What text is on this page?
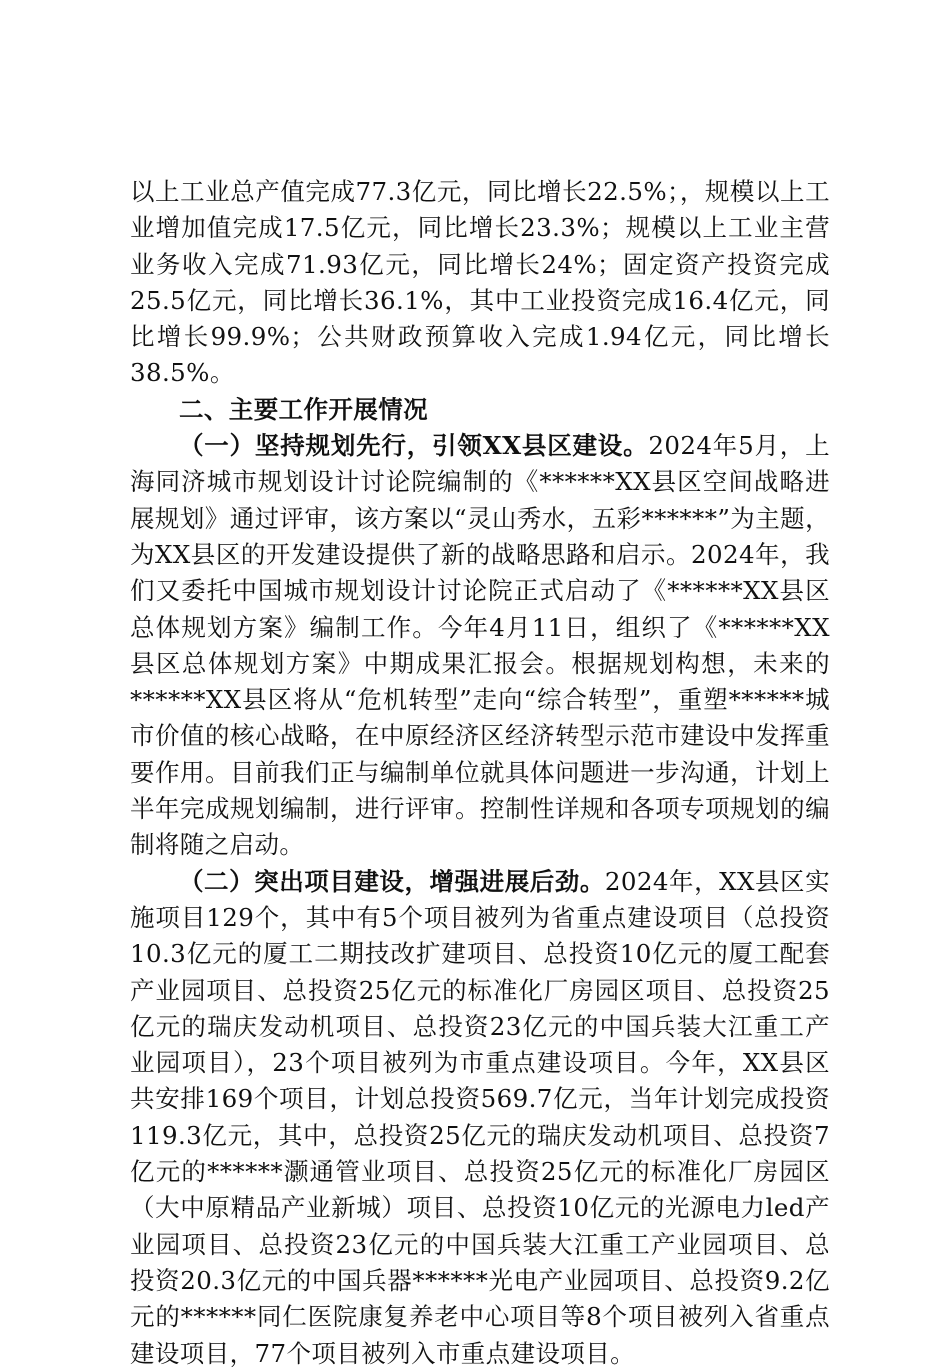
以上工业总产值完成77.3亿元，同比增长22.5%；，规模以上工业增加值完成17.5亿元，同比增长23.3%；规模以上工业主营业务收入完成71.93亿元，同比增长24%；固定资产投资完成25.5亿元，同比增长36.1%，其中工业投资完成16.4亿元，同比增长99.9%；公共财政预算收入完成1.94亿元，同比增长38.5%。

二、主要工作开展情况

（一）坚持规划先行，引领XX县区建设。2024年5月，上海同济城市规划设计讨论院编制的《******XX县区空间战略进展规划》通过评审，该方案以“灵山秀水，五彩******”为主题，为XX县区的开发建设提供了新的战略思路和启示。2024年，我们又委托中国城市规划设计讨论院正式启动了《******XX县区总体规划方案》编制工作。今年4月11日，组织了《******XX县区总体规划方案》中期成果汇报会。根据规划构想，未来的******XX县区将从“危机转型”走向“综合转型”，重塑******城市价值的核心战略，在中原经济区经济转型示范市建设中发挥重要作用。目前我们正与编制单位就具体问题进一步沟通，计划上半年完成规划编制，进行评审。控制性详规和各项专项规划的编制将随之启动。

（二）突出项目建设，增强进展后劲。2024年，XX县区实施项目129个，其中有5个项目被列为省重点建设项目（总投资10.3亿元的厦工二期技改扩建项目、总投资10亿元的厦工配套产业园项目、总投资25亿元的标准化厂房园区项目、总投资25亿元的瑞庆发动机项目、总投资23亿元的中国兵装大江重工产业园项目），23个项目被列为市重点建设项目。今年，XX县区共安排169个项目，计划总投资569.7亿元，当年计划完成投资119.3亿元，其中，总投资25亿元的瑞庆发动机项目、总投资7亿元的******灏通管业项目、总投资25亿元的标准化厂房园区（大中原精品产业新城）项目、总投资10亿元的光源电力led产业园项目、总投资23亿元的中国兵装大江重工产业园项目、总投资20.3亿元的中国兵器******光电产业园项目、总投资9.2亿元的******同仁医院康复养老中心项目等8个项目被列入省重点建设项目，77个项目被列入市重点建设项目。
